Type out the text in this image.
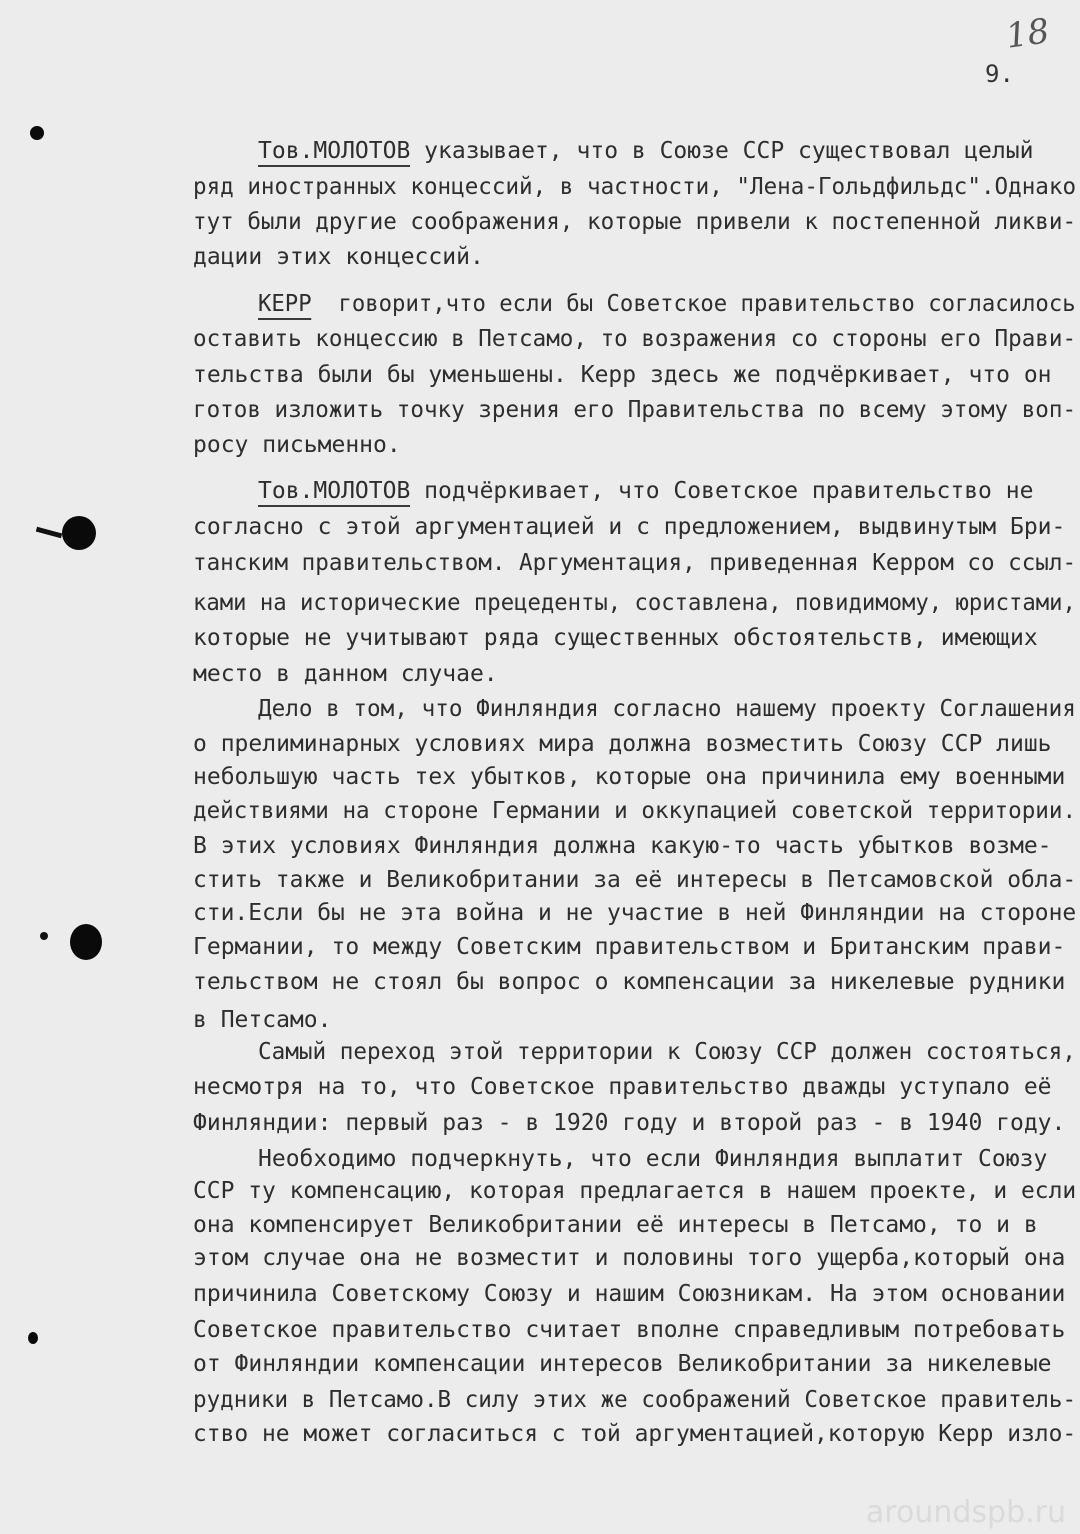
18
9.
Тов.МОЛОТОВ указывает, что в Союзе ССР существовал целый
ряд иностранных концессий, в частности, "Лена-Гольдфильдс".Однако
тут были другие соображения, которые привели к постепенной ликви-
дации этих концессий.
КЕРР  говорит,что если бы Советское правительство согласилось
оставить концессию в Петсамо, то возражения со стороны его Прави-
тельства были бы уменьшены. Керр здесь же подчёркивает, что он
готов изложить точку зрения его Правительства по всему этому воп-
росу письменно.
Тов.МОЛОТОВ подчёркивает, что Советское правительство не
согласно с этой аргументацией и с предложением, выдвинутым Бри-
танским правительством. Аргументация, приведенная Керром со ссыл-
ками на исторические прецеденты, составлена, повидимому, юристами,
которые не учитывают ряда существенных обстоятельств, имеющих
место в данном случае.
Дело в том, что Финляндия согласно нашему проекту Соглашения
о прелиминарных условиях мира должна возместить Союзу ССР лишь
небольшую часть тех убытков, которые она причинила ему военными
действиями на стороне Германии и оккупацией советской территории.
В этих условиях Финляндия должна какую-то часть убытков возме-
стить также и Великобритании за её интересы в Петсамовской обла-
сти.Если бы не эта война и не участие в ней Финляндии на стороне
Германии, то между Советским правительством и Британским прави-
тельством не стоял бы вопрос о компенсации за никелевые рудники
в Петсамо.
Самый переход этой территории к Союзу ССР должен состояться,
несмотря на то, что Советское правительство дважды уступало её
Финляндии: первый раз - в 1920 году и второй раз - в 1940 году.
Необходимо подчеркнуть, что если Финляндия выплатит Союзу
ССР ту компенсацию, которая предлагается в нашем проекте, и если
она компенсирует Великобритании её интересы в Петсамо, то и в
этом случае она не возместит и половины того ущерба,который она
причинила Советскому Союзу и нашим Союзникам. На этом основании
Советское правительство считает вполне справедливым потребовать
от Финляндии компенсации интересов Великобритании за никелевые
рудники в Петсамо.В силу этих же соображений Советское правитель-
ство не может согласиться с той аргументацией,которую Керр изло-
aroundspb.ru
